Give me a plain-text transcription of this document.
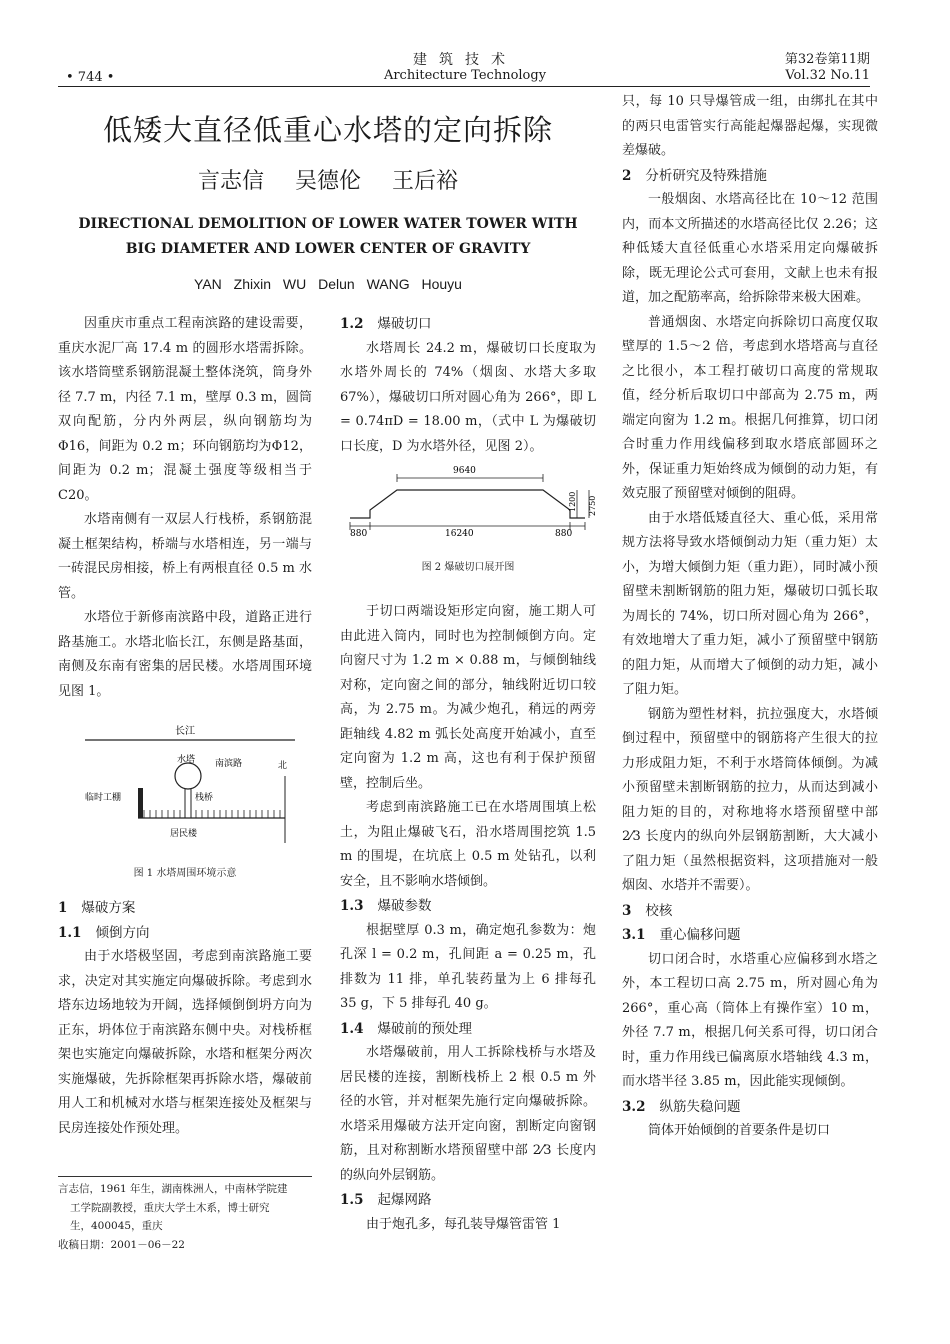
• 744 •
建筑技术
Architecture Technology
第32卷第11期
Vol.32 No.11
低矮大直径低重心水塔的定向拆除
言志信 吴德伦 王后裕
DIRECTIONAL DEMOLITION OF LOWER WATER TOWER WITH
BIG DIAMETER AND LOWER CENTER OF GRAVITY
YAN Zhixin WU Delun WANG Houyu

因重庆市重点工程南滨路的建设需要，重庆水泥厂高 17.4 m 的圆形水塔需拆除。该水塔筒壁系钢筋混凝土整体浇筑，筒身外径 7.7 m，内径 7.1 m，壁厚 0.3 m，圆筒双向配筋，分内外两层，纵向钢筋均为Φ16，间距为 0.2 m；环向钢筋均为Φ12，间距为 0.2 m；混凝土强度等级相当于 C20。

水塔南侧有一双层人行栈桥，系钢筋混凝土框架结构，桥端与水塔相连，另一端与一砖混民房相接，桥上有两根直径 0.5 m 水管。

水塔位于新修南滨路中段，道路正进行路基施工。水塔北临长江，东侧是路基面，南侧及东南有密集的居民楼。水塔周围环境见图 1。

长江
水塔 南滨路	北
临时工棚	栈桥
居民楼
图 1 水塔周围环境示意
1 爆破方案
1.1 倾倒方向

由于水塔极坚固，考虑到南滨路施工要求，决定对其实施定向爆破拆除。考虑到水塔东边场地较为开阔，选择倾倒倒坍方向为正东，坍体位于南滨路东侧中央。对栈桥框架也实施定向爆破拆除，水塔和框架分两次实施爆破，先拆除框架再拆除水塔，爆破前用人工和机械对水塔与框架连接处及框架与民房连接处作预处理。

言志信，1961 年生，湖南株洲人，中南林学院建
工学院副教授，重庆大学土木系，博士研究
生，400045，重庆
收稿日期：2001－06－22
1.2 爆破切口

水塔周长 24.2 m，爆破切口长度取为水塔外周长的 74%（烟囱、水塔大多取 67%），爆破切口所对圆心角为 266°，即 L = 0.74πD = 18.00 m，（式中 L 为爆破切口长度，D 为水塔外径，见图 2）。

9640
880	16240	880
1200 2750
图 2 爆破切口展开图

于切口两端设矩形定向窗，施工期人可由此进入筒内，同时也为控制倾倒方向。定向窗尺寸为 1.2 m × 0.88 m，与倾倒轴线对称，定向窗之间的部分，轴线附近切口较高，为 2.75 m。为减少炮孔，稍远的两旁距轴线 4.82 m 弧长处高度开始减小，直至定向窗为 1.2 m 高，这也有利于保护预留壁，控制后坐。

考虑到南滨路施工已在水塔周围填上松土，为阻止爆破飞石，沿水塔周围挖筑 1.5 m 的围堤，在坑底上 0.5 m 处钻孔，以利安全，且不影响水塔倾倒。

1.3 爆破参数

根据壁厚 0.3 m，确定炮孔参数为：炮孔深 l = 0.2 m，孔间距 a = 0.25 m，孔排数为 11 排，单孔装药量为上 6 排每孔 35 g，下 5 排每孔 40 g。

1.4 爆破前的预处理

水塔爆破前，用人工拆除栈桥与水塔及居民楼的连接，割断栈桥上 2 根 0.5 m 外径的水管，并对框架先施行定向爆破拆除。水塔采用爆破方法开定向窗，割断定向窗钢筋，且对称割断水塔预留壁中部 2⁄3 长度内的纵向外层钢筋。

1.5 起爆网路

由于炮孔多，每孔装导爆管雷管 1

只，每 10 只导爆管成一组，由绑扎在其中的两只电雷管实行高能起爆器起爆，实现微差爆破。

2 分析研究及特殊措施

一般烟囱、水塔高径比在 10～12 范围内，而本文所描述的水塔高径比仅 2.26；这种低矮大直径低重心水塔采用定向爆破拆除，既无理论公式可套用，文献上也未有报道，加之配筋率高，给拆除带来极大困难。

普通烟囱、水塔定向拆除切口高度仅取壁厚的 1.5～2 倍，考虑到水塔塔高与直径之比很小，本工程打破切口高度的常规取值，经分析后取切口中部高为 2.75 m，两端定向窗为 1.2 m。根据几何推算，切口闭合时重力作用线偏移到取水塔底部圆环之外，保证重力矩始终成为倾倒的动力矩，有效克服了预留壁对倾倒的阻碍。

由于水塔低矮直径大、重心低，采用常规方法将导致水塔倾倒动力矩（重力矩）太小，为增大倾倒力矩（重力距），同时减小预留壁未割断钢筋的阻力矩，爆破切口弧长取为周长的 74%，切口所对圆心角为 266°，有效地增大了重力矩，减小了预留壁中钢筋的阻力矩，从而增大了倾倒的动力矩，减小了阻力矩。

钢筋为塑性材料，抗拉强度大，水塔倾倒过程中，预留壁中的钢筋将产生很大的拉力形成阻力矩，不利于水塔筒体倾倒。为减小预留壁未割断钢筋的拉力，从而达到减小阻力矩的目的，对称地将水塔预留壁中部 2⁄3 长度内的纵向外层钢筋割断，大大减小了阻力矩（虽然根据资料，这项措施对一般烟囱、水塔并不需要）。

3 校核
3.1 重心偏移问题

切口闭合时，水塔重心应偏移到水塔之外，本工程切口高 2.75 m，所对圆心角为 266°，重心高（筒体上有操作室）10 m，外径 7.7 m，根据几何关系可得，切口闭合时，重力作用线已偏离原水塔轴线 4.3 m，而水塔半径 3.85 m，因此能实现倾倒。

3.2 纵筋失稳问题

筒体开始倾倒的首要条件是切口
